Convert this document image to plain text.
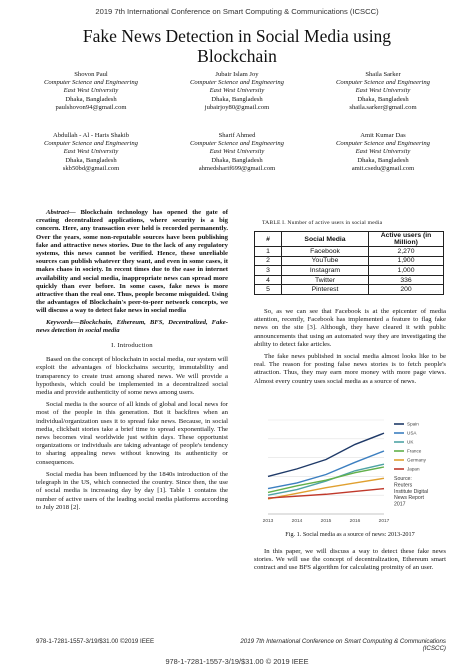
2019 7th International Conference on Smart Computing & Communications (ICSCC)
Fake News Detection in Social Media using
Blockchain
Shovon Paul
Computer Science and Engineering
East West University
Dhaka, Bangladesh
paulshovon94@gmail.com
Jubair Islam Joy
Computer Science and Engineering
East West University
Dhaka, Bangladesh
jubairjoy80@gmail.com
Shaila Sarker
Computer Science and Engineering
East West University
Dhaka, Bangladesh
shaila.sarker@gmail.com
Abdullah - Al - Haris Shakib
Computer Science and Engineering
East West University
Dhaka, Bangladesh
skb50bd@gmail.com
Sharif Ahmed
Computer Science and Engineering
East West University
Dhaka, Bangladesh
ahmedsharif699@gmail.com
Amit Kumar Das
Computer Science and Engineering
East West University
Dhaka, Bangladesh
amit.csedu@gmail.com
Abstract— Blockchain technology has opened the gate of creating decentralized applications, where security is a big concern. Here, any transaction ever held is recorded permanently. Over the years, some non-reputable sources have been publishing fake and attractive news stories. Due to the lack of any regulatory systems, this news cannot be verified. Hence, these unreliable sources can publish whatever they want, and even in some cases, it makes chaos in society. In recent times due to the ease in internet availability and social media, inappropriate news can spread more quickly than ever before. In some cases, fake news is more attractive than the real one. Thus, people become misguided. Using the advantages of Blockchain's peer-to-peer network concepts, we will discuss a way to detect fake news in social media
Keywords—Blockchain, Ethereum, BFS, Decentralized, Fake-news detection in social media
I. Introduction

Based on the concept of blockchain in social media, our system will exploit the advantages of blockchains security, immutability and transparency to create trust among shared news. We will provide a hypothesis, which could be implemented in a decentralized social media and provide authenticity of some news among users.

Social media is the source of all kinds of global and local news for most of the people in this generation. But it backfires when an individual/organization uses it to spread fake news. Because, in social media, clickbait stories take a brief time to spread exponentially. The news becomes viral worldwide just within days. These opportunist organizations or individuals are taking advantage of people's tendency to sharing appealing news without knowing its authenticity or consequences.

Social media has been influenced by the 1840s introduction of the telegraph in the US, which connected the country. Since then, the use of social media is increasing day by day [1]. Table 1 contains the number of active users of the leading social media platforms according to July 2018 [2].

TABLE I. Number of active users in social media
#	Social Media	Active users (in Million)
1	Facebook	2,270
2	YouTube	1,900
3	Instagram	1,000
4	Twitter	336
5	Pinterest	200

So, as we can see that Facebook is at the epicenter of media attention, recently, Facebook has implemented a feature to flag fake news on the site [3]. Although, they have cleared it with public announcements that using an automated way they are investigating the ability to detect fake articles.

The fake news published in social media almost looks like to be real. The reason for posting false news stories is to fetch people's attraction. Thus, they may earn more money with more page views. Almost every country uses social media as a source of news.

2013	2014	2015	2016	2017
Spain
USA
UK
France
Germany
Japan
Source:
Reuters
Institute Digital
News Report
2017
Fig. 1. Social media as a source of news: 2013-2017

In this paper, we will discuss a way to detect these fake news stories. We will use the concept of decentralization, Ethereum smart contract and use BFS algorithm for calculating proimity of an user.

978-1-7281-1557-3/19/$31.00 ©2019 IEEE	2019 7th International Conference on Smart Computing & Communications (ICSCC)
978-1-7281-1557-3/19/$31.00 © 2019 IEEE
